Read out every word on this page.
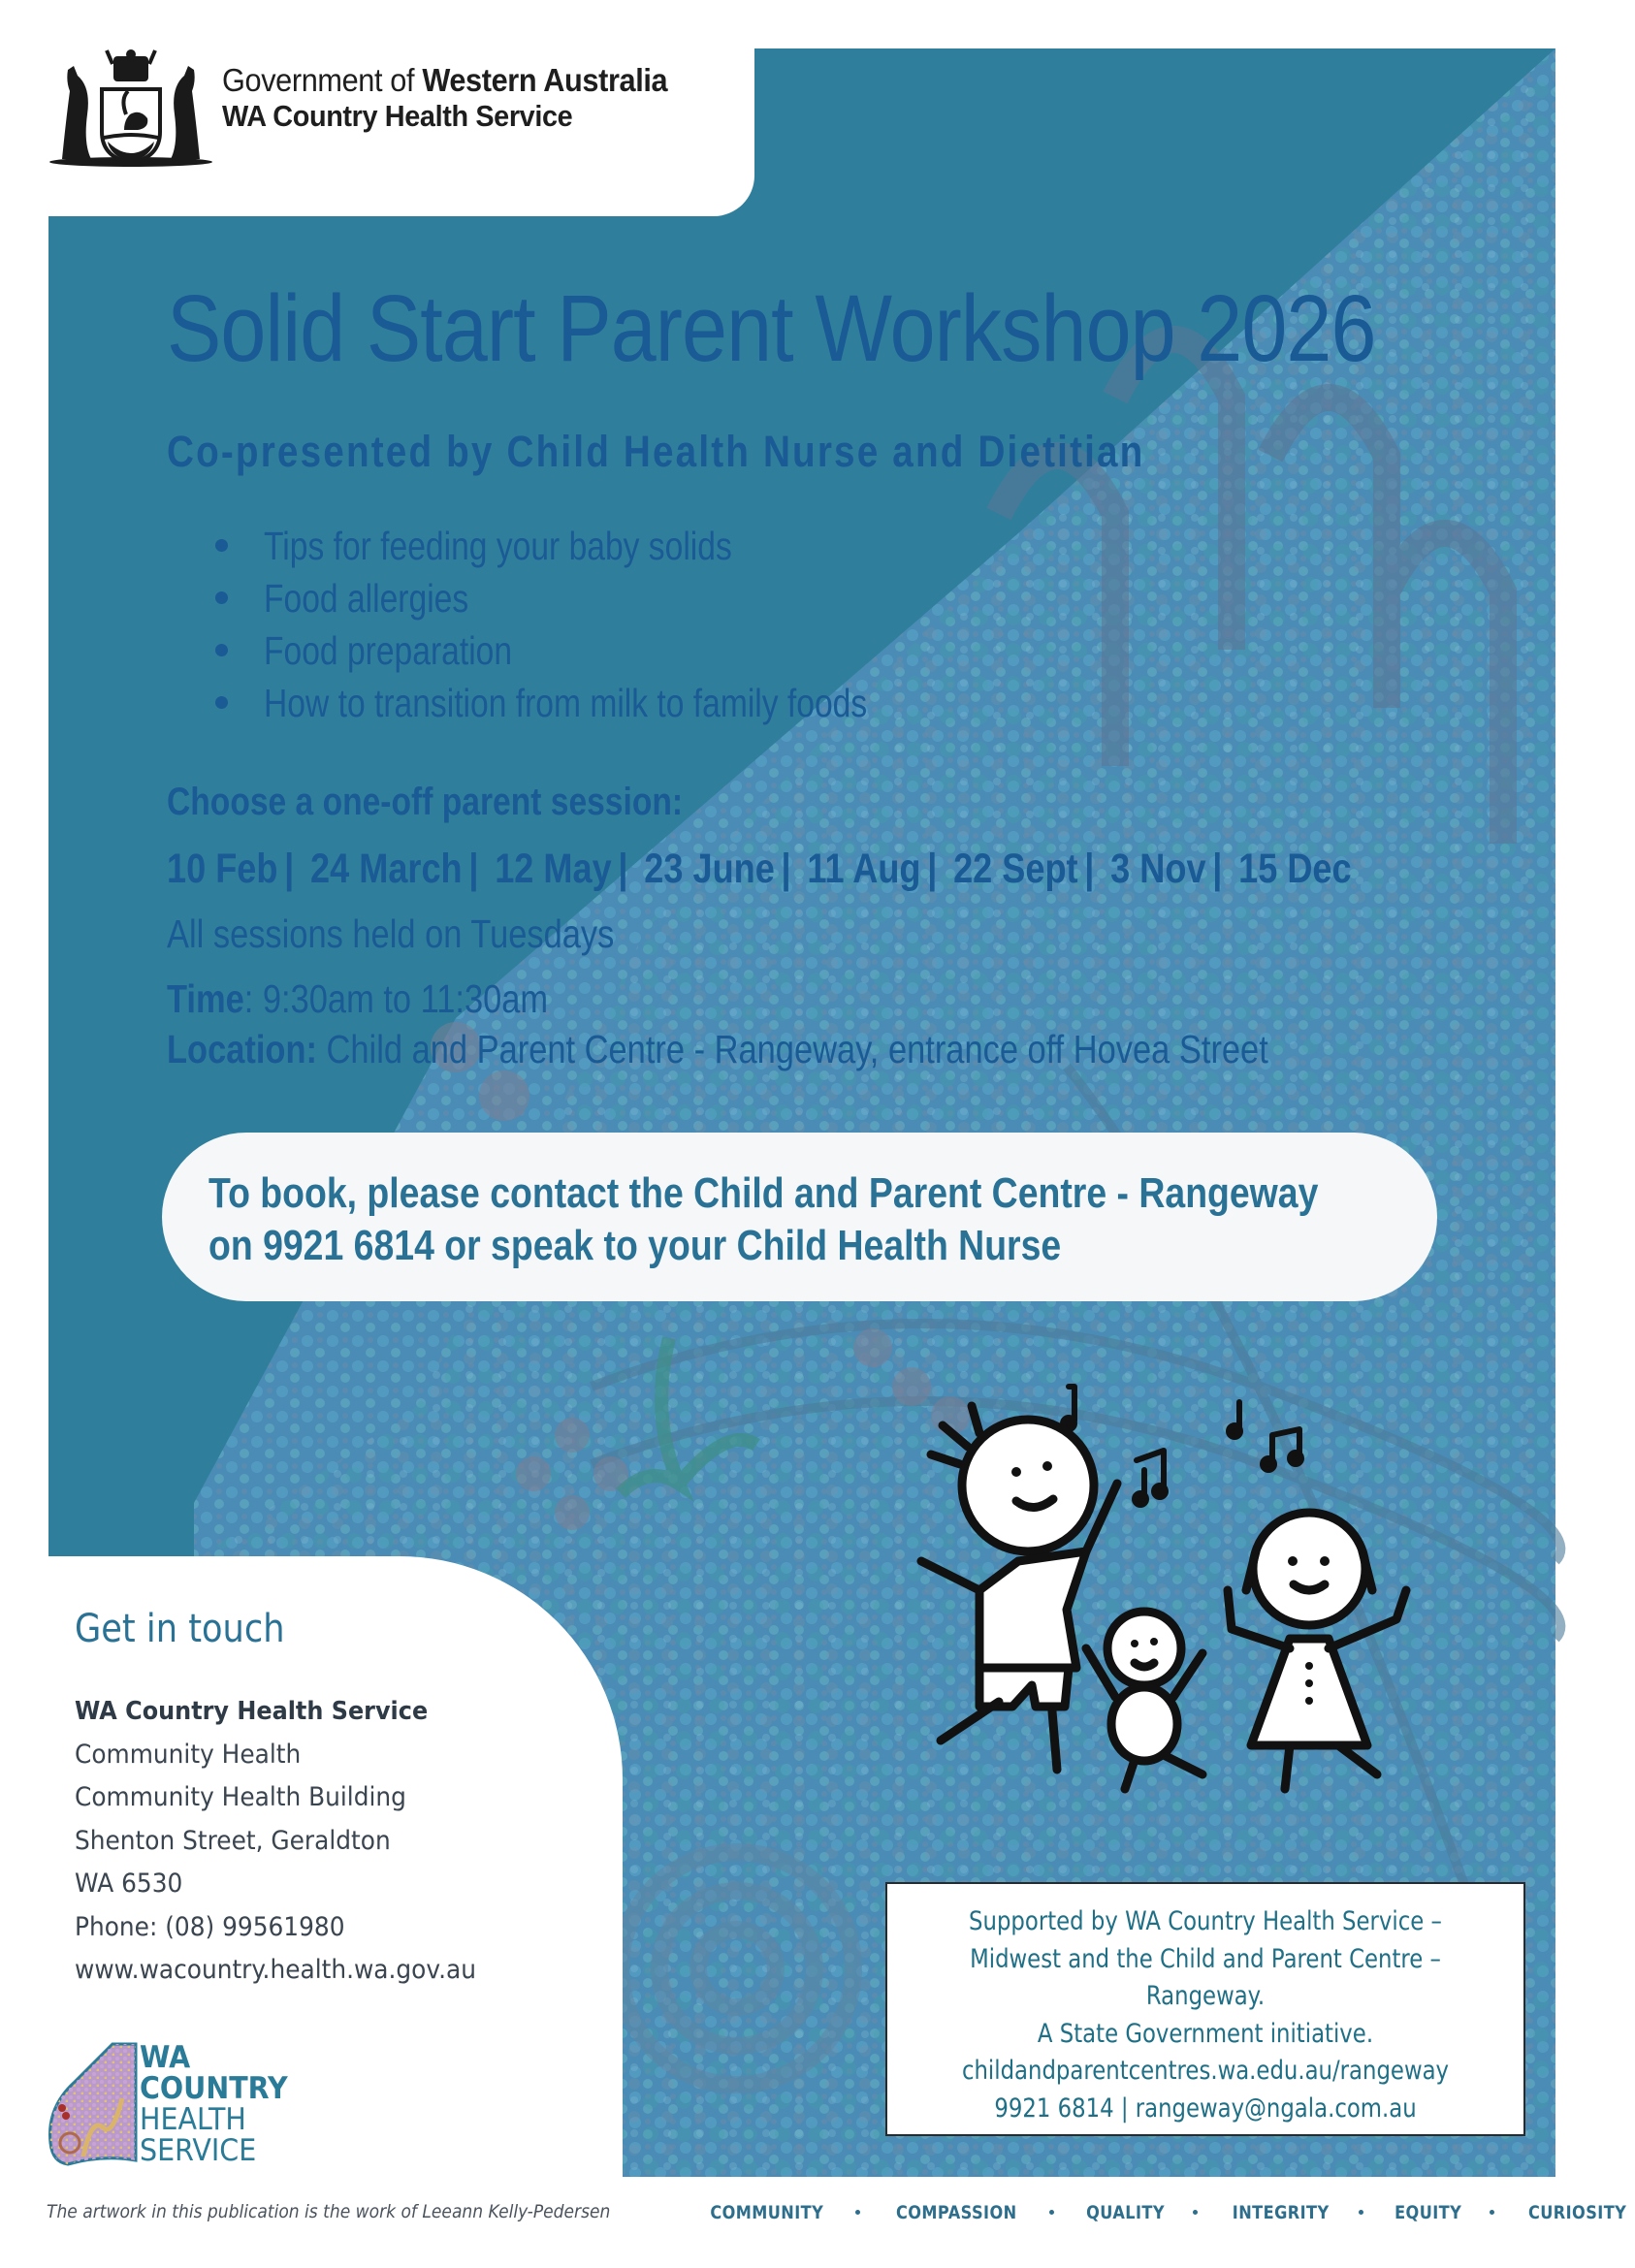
Government of Western Australia
WA Country Health Service
Solid Start Parent Workshop 2026
Co-presented by Child Health Nurse and Dietitian
Tips for feeding your baby solids
Food allergies
Food preparation
How to transition from milk to family foods
Choose a one-off parent session:
10 Feb | 24 March | 12 May | 23 June | 11 Aug | 22 Sept | 3 Nov | 15 Dec
All sessions held on Tuesdays
Time: 9:30am to 11:30am
Location: Child and Parent Centre - Rangeway, entrance off Hovea Street
To book, please contact the Child and Parent Centre - Rangeway
on 9921 6814 or speak to your Child Health Nurse
Get in touch
WA Country Health Service
Community Health
Community Health Building
Shenton Street, Geraldton
WA 6530
Phone: (08) 99561980
www.wacountry.health.wa.gov.au
WA
COUNTRY
HEALTH
SERVICE
Supported by WA Country Health Service –
Midwest and the Child and Parent Centre –
Rangeway.
A State Government initiative.
childandparentcentres.wa.edu.au/rangeway
9921 6814 | rangeway@ngala.com.au
The artwork in this publication is the work of Leeann Kelly-Pedersen	COMMUNITY	COMPASSION	QUALITY	INTEGRITY	EQUITY	CURIOSITY
